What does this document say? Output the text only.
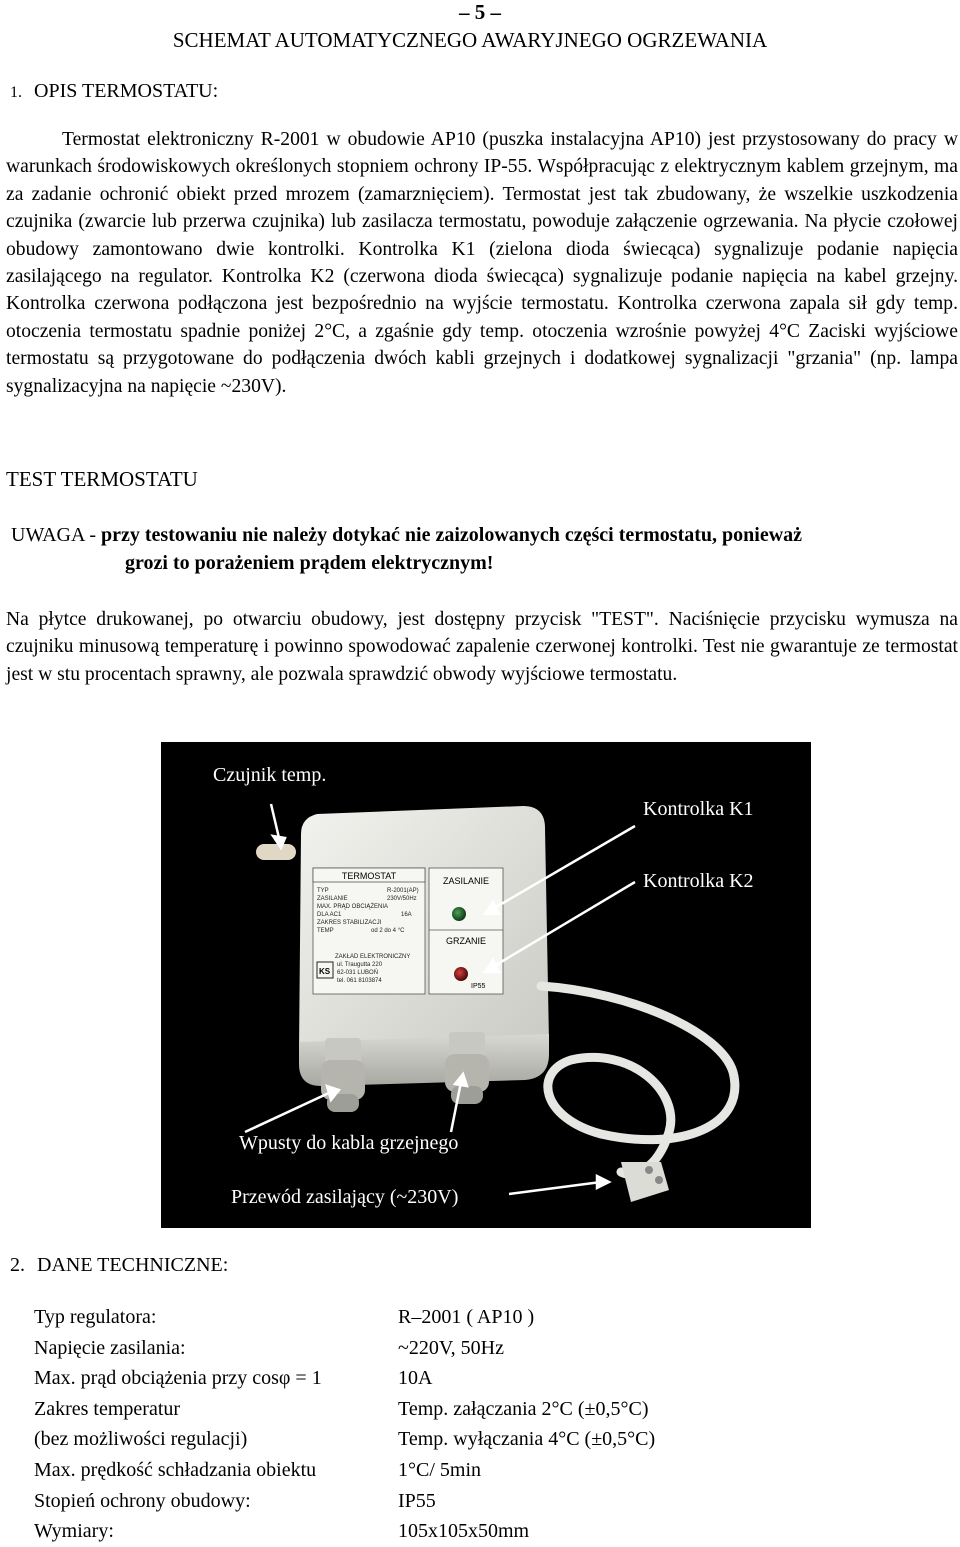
– 5 –
SCHEMAT AUTOMATYCZNEGO AWARYJNEGO OGRZEWANIA
1. OPIS TERMOSTATU:
Termostat elektroniczny R-2001 w obudowie AP10 (puszka instalacyjna AP10) jest przystosowany do pracy w warunkach środowiskowych określonych stopniem ochrony IP-55. Współpracując z elektrycznym kablem grzejnym, ma za zadanie ochronić obiekt przed mrozem (zamarznięciem). Termostat jest tak zbudowany, że wszelkie uszkodzenia czujnika (zwarcie lub przerwa czujnika) lub zasilacza termostatu, powoduje załączenie ogrzewania. Na płycie czołowej obudowy zamontowano dwie kontrolki. Kontrolka K1 (zielona dioda świecąca) sygnalizuje podanie napięcia zasilającego na regulator. Kontrolka K2 (czerwona dioda świecąca) sygnalizuje podanie napięcia na kabel grzejny. Kontrolka czerwona podłączona jest bezpośrednio na wyjście termostatu. Kontrolka czerwona zapala sił gdy temp. otoczenia termostatu spadnie poniżej 2°C, a zgaśnie gdy temp. otoczenia wzrośnie powyżej 4°C Zaciski wyjściowe termostatu są przygotowane do podłączenia dwóch kabli grzejnych i dodatkowej sygnalizacji "grzania" (np. lampa sygnalizacyjna na napięcie ~230V).
TEST TERMOSTATU
UWAGA - przy testowaniu nie należy dotykać nie zaizolowanych części termostatu, ponieważ
grozi to porażeniem prądem elektrycznym!
Na płytce drukowanej, po otwarciu obudowy, jest dostępny przycisk "TEST". Naciśnięcie przycisku wymusza na czujniku minusową temperaturę i powinno spowodować zapalenie czerwonej kontrolki. Test nie gwarantuje ze termostat jest w stu procentach sprawny, ale pozwala sprawdzić obwody wyjściowe termostatu.
TERMOSTAT
TYP	R-2001(AP)
ZASILANIE	230V/50Hz
MAX. PRĄD OBCIĄŻENIA
DLA AC1	16A
ZAKRES STABILIZACJI
TEMP	od 2 do 4 °C
ZAKŁAD ELEKTRONICZNY
ul. Traugutta 220
62-031 LUBOŃ
tel. 061 8103874
KS
ZASILANIE
GRZANIE
IP55
Czujnik temp.
Kontrolka K1
Kontrolka K2
Wpusty do kabla grzejnego
Przewód zasilający (~230V)
2. DANE TECHNICZNE:
Typ regulatora:	R–2001 ( AP10 )
Napięcie zasilania:	~220V, 50Hz
Max. prąd obciążenia przy cosφ = 1	10A
Zakres temperatur	Temp. załączania 2°C (±0,5°C)
(bez możliwości regulacji)	Temp. wyłączania 4°C (±0,5°C)
Max. prędkość schładzania obiektu	1°C/ 5min
Stopień ochrony obudowy:	IP55
Wymiary:	105x105x50mm
